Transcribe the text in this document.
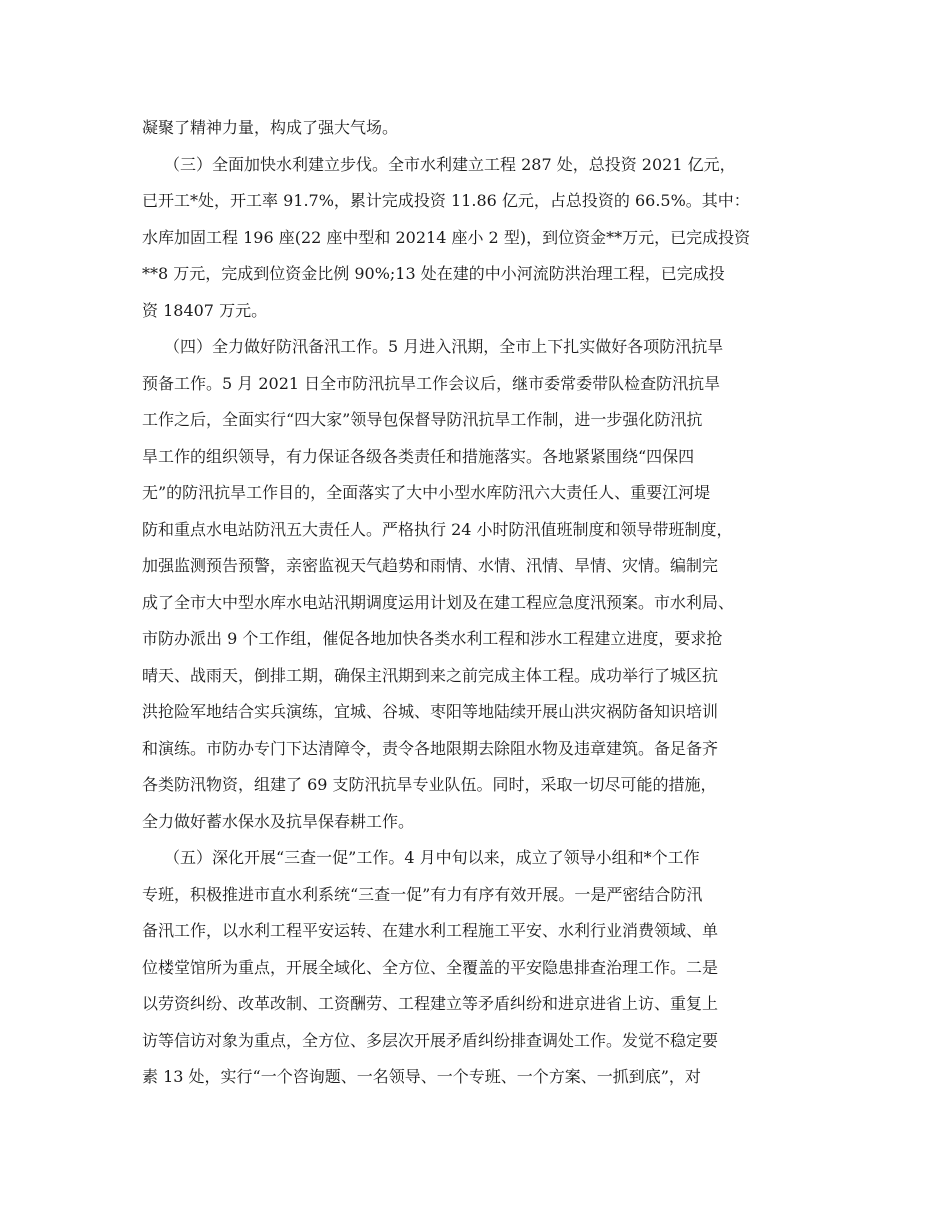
凝聚了精神力量，构成了强大气场。
（三）全面加快水利建立步伐。全市水利建立工程 287 处，总投资 2021 亿元，
已开工*处，开工率 91.7%，累计完成投资 11.86 亿元，占总投资的 66.5%。其中：
水库加固工程 196 座(22 座中型和 20214 座小 2 型)，到位资金**万元，已完成投资
**8 万元，完成到位资金比例 90%;13 处在建的中小河流防洪治理工程，已完成投
资 18407 万元。
（四）全力做好防汛备汛工作。5 月进入汛期，全市上下扎实做好各项防汛抗旱
预备工作。5 月 2021 日全市防汛抗旱工作会议后，继市委常委带队检查防汛抗旱
工作之后，全面实行“四大家”领导包保督导防汛抗旱工作制，进一步强化防汛抗
旱工作的组织领导，有力保证各级各类责任和措施落实。各地紧紧围绕“四保四
无”的防汛抗旱工作目的，全面落实了大中小型水库防汛六大责任人、重要江河堤
防和重点水电站防汛五大责任人。严格执行 24 小时防汛值班制度和领导带班制度，
加强监测预告预警，亲密监视天气趋势和雨情、水情、汛情、旱情、灾情。编制完
成了全市大中型水库水电站汛期调度运用计划及在建工程应急度汛预案。市水利局、
市防办派出 9 个工作组，催促各地加快各类水利工程和涉水工程建立进度，要求抢
晴天、战雨天，倒排工期，确保主汛期到来之前完成主体工程。成功举行了城区抗
洪抢险军地结合实兵演练，宜城、谷城、枣阳等地陆续开展山洪灾祸防备知识培训
和演练。市防办专门下达清障令，责令各地限期去除阻水物及违章建筑。备足备齐
各类防汛物资，组建了 69 支防汛抗旱专业队伍。同时，采取一切尽可能的措施，
全力做好蓄水保水及抗旱保春耕工作。
（五）深化开展“三查一促”工作。4 月中旬以来，成立了领导小组和*个工作
专班，积极推进市直水利系统“三查一促”有力有序有效开展。一是严密结合防汛
备汛工作，以水利工程平安运转、在建水利工程施工平安、水利行业消费领域、单
位楼堂馆所为重点，开展全域化、全方位、全覆盖的平安隐患排查治理工作。二是
以劳资纠纷、改革改制、工资酬劳、工程建立等矛盾纠纷和进京进省上访、重复上
访等信访对象为重点，全方位、多层次开展矛盾纠纷排查调处工作。发觉不稳定要
素 13 处，实行“一个咨询题、一名领导、一个专班、一个方案、一抓到底”，对
